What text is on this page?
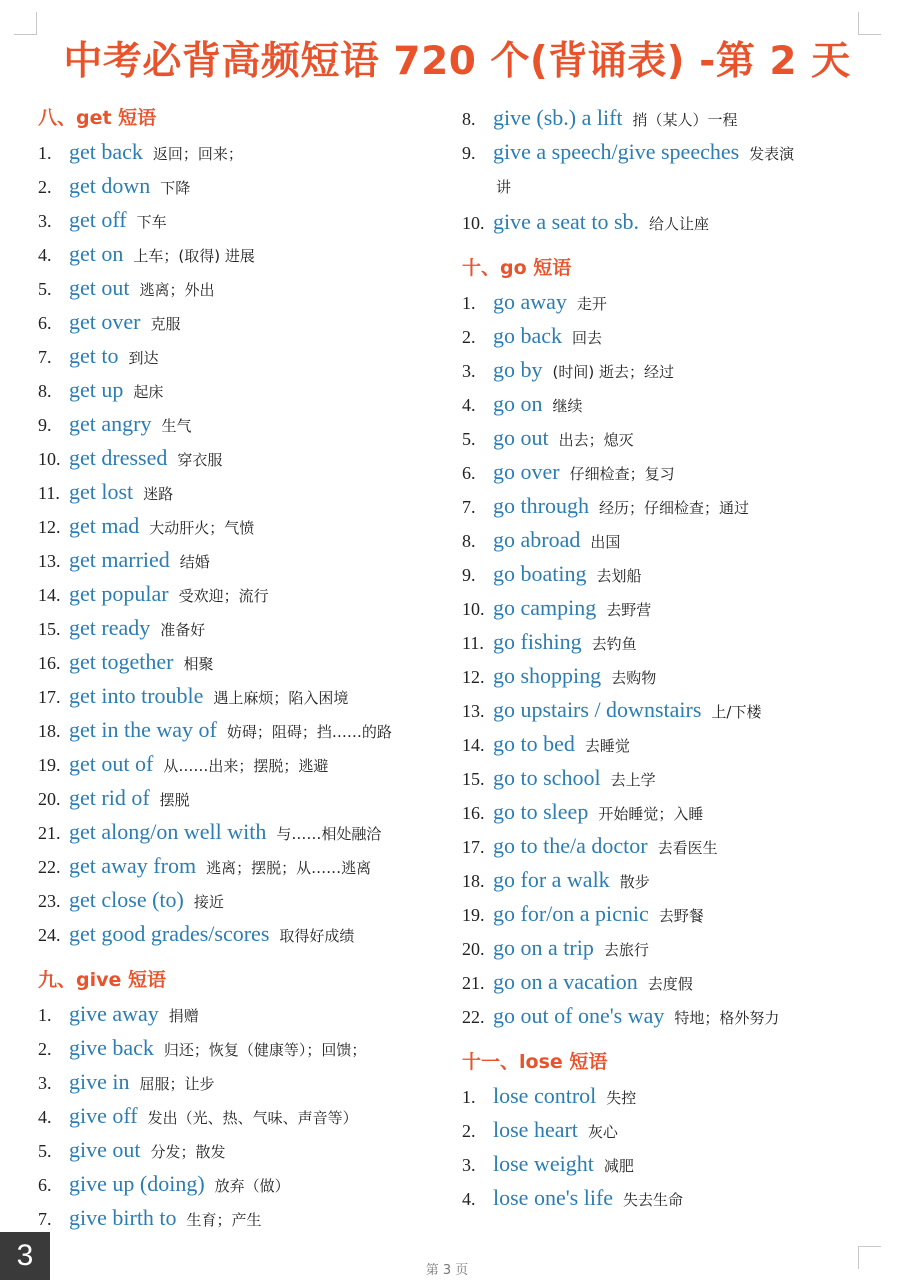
中考必背高频短语 720 个(背诵表) -第 2 天
八、get 短语
1. get back 返回；回来；
2. get down 下降
3. get off 下车
4. get on 上车；(取得) 进展
5. get out 逃离；外出
6. get over 克服
7. get to 到达
8. get up 起床
9. get angry 生气
10. get dressed 穿衣服
11. get lost 迷路
12. get mad 大动肝火；气愤
13. get married 结婚
14. get popular 受欢迎；流行
15. get ready 准备好
16. get together 相聚
17. get into trouble 遇上麻烦；陷入困境
18. get in the way of 妨碍；阻碍；挡……的路
19. get out of 从……出来；摆脱；逃避
20. get rid of 摆脱
21. get along/on well with 与……相处融洽
22. get away from 逃离；摆脱；从……逃离
23. get close (to) 接近
24. get good grades/scores 取得好成绩
九、give 短语
1. give away 捐赠
2. give back 归还；恢复（健康等）；回馈；
3. give in 屈服；让步
4. give off 发出（光、热、气味、声音等）
5. give out 分发；散发
6. give up (doing) 放弃（做）
7. give birth to 生育；产生
8. give (sb.) a lift 捎（某人）一程
9. give a speech/give speeches 发表演
讲
10. give a seat to sb. 给人让座
十、go 短语
1. go away 走开
2. go back 回去
3. go by (时间) 逝去；经过
4. go on 继续
5. go out 出去；熄灭
6. go over 仔细检查；复习
7. go through 经历；仔细检查；通过
8. go abroad 出国
9. go boating 去划船
10. go camping 去野营
11. go fishing 去钓鱼
12. go shopping 去购物
13. go upstairs / downstairs 上/下楼
14. go to bed 去睡觉
15. go to school 去上学
16. go to sleep 开始睡觉；入睡
17. go to the/a doctor 去看医生
18. go for a walk 散步
19. go for/on a picnic 去野餐
20. go on a trip 去旅行
21. go on a vacation 去度假
22. go out of one's way 特地；格外努力
十一、lose 短语
1. lose control 失控
2. lose heart 灰心
3. lose weight 减肥
4. lose one's life 失去生命
3	第 3 页
